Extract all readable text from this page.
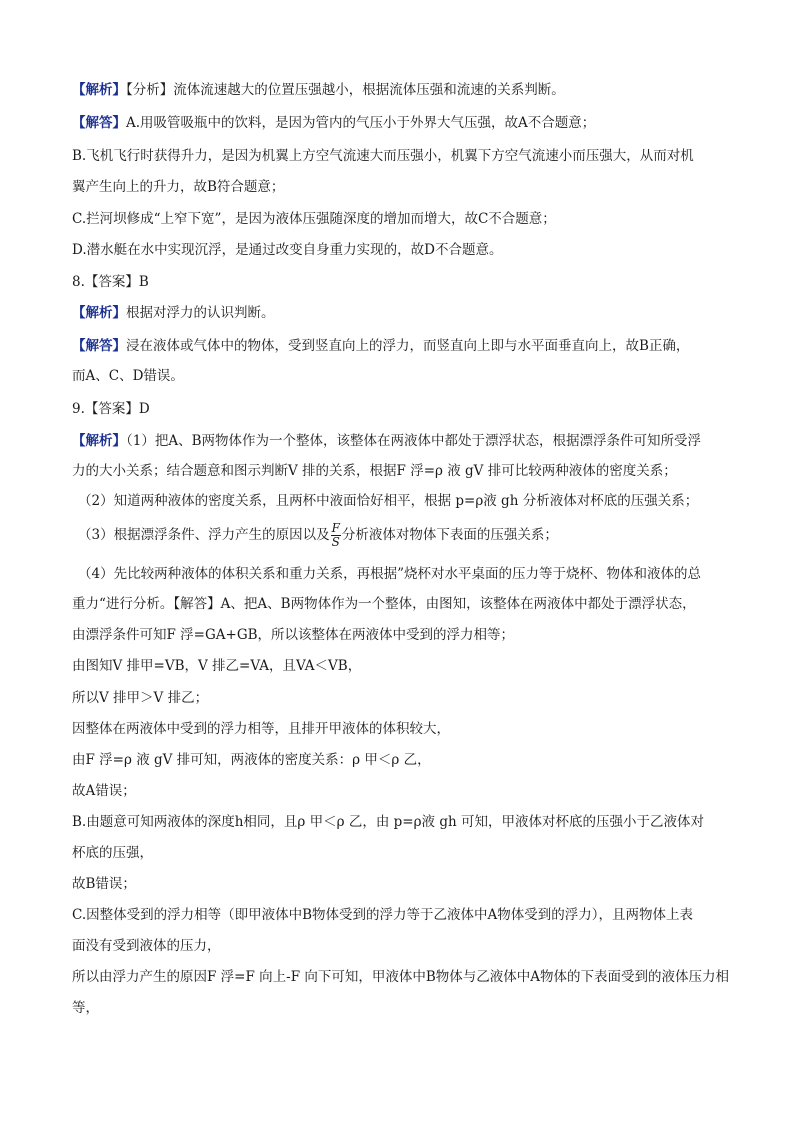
【解析】【分析】流体流速越大的位置压强越小，根据流体压强和流速的关系判断。
【解答】A.用吸管吸瓶中的饮料，是因为管内的气压小于外界大气压强，故A不合题意；
B.飞机飞行时获得升力，是因为机翼上方空气流速大而压强小，机翼下方空气流速小而压强大，从而对机
翼产生向上的升力，故B符合题意；
C.拦河坝修成“上窄下宽”，是因为液体压强随深度的增加而增大，故C不合题意；
D.潜水艇在水中实现沉浮，是通过改变自身重力实现的，故D不合题意。
8.【答案】B
【解析】根据对浮力的认识判断。
【解答】浸在液体或气体中的物体，受到竖直向上的浮力，而竖直向上即与水平面垂直向上，故B正确，
而A、C、D错误。
9.【答案】D
【解析】（1）把A、B两物体作为一个整体，该整体在两液体中都处于漂浮状态，根据漂浮条件可知所受浮
力的大小关系；结合题意和图示判断V 排的关系，根据F 浮=ρ 液 gV 排可比较两种液体的密度关系；
（2）知道两种液体的密度关系，且两杯中液面恰好相平，根据 p=ρ液 gh 分析液体对杯底的压强关系；
（3）根据漂浮条件、浮力产生的原因以及 $\frac{F}{S}$ 分析液体对物体下表面的压强关系；
（4）先比较两种液体的体积关系和重力关系，再根据”烧杯对水平桌面的压力等于烧杯、物体和液体的总
重力“进行分析。【解答】A、把A、B两物体作为一个整体，由图知，该整体在两液体中都处于漂浮状态，
由漂浮条件可知F 浮=GA+GB，所以该整体在两液体中受到的浮力相等；
由图知V 排甲=VB，V 排乙=VA，且VA＜VB，
所以V 排甲＞V 排乙；
因整体在两液体中受到的浮力相等，且排开甲液体的体积较大，
由F 浮=ρ 液 gV 排可知，两液体的密度关系：ρ 甲＜ρ 乙，
故A错误；
B.由题意可知两液体的深度h相同，且ρ 甲＜ρ 乙，由 p=ρ液 gh 可知，甲液体对杯底的压强小于乙液体对
杯底的压强，
故B错误；
C.因整体受到的浮力相等（即甲液体中B物体受到的浮力等于乙液体中A物体受到的浮力），且两物体上表
面没有受到液体的压力，
所以由浮力产生的原因F 浮=F 向上-F 向下可知，甲液体中B物体与乙液体中A物体的下表面受到的液体压力相
等，
